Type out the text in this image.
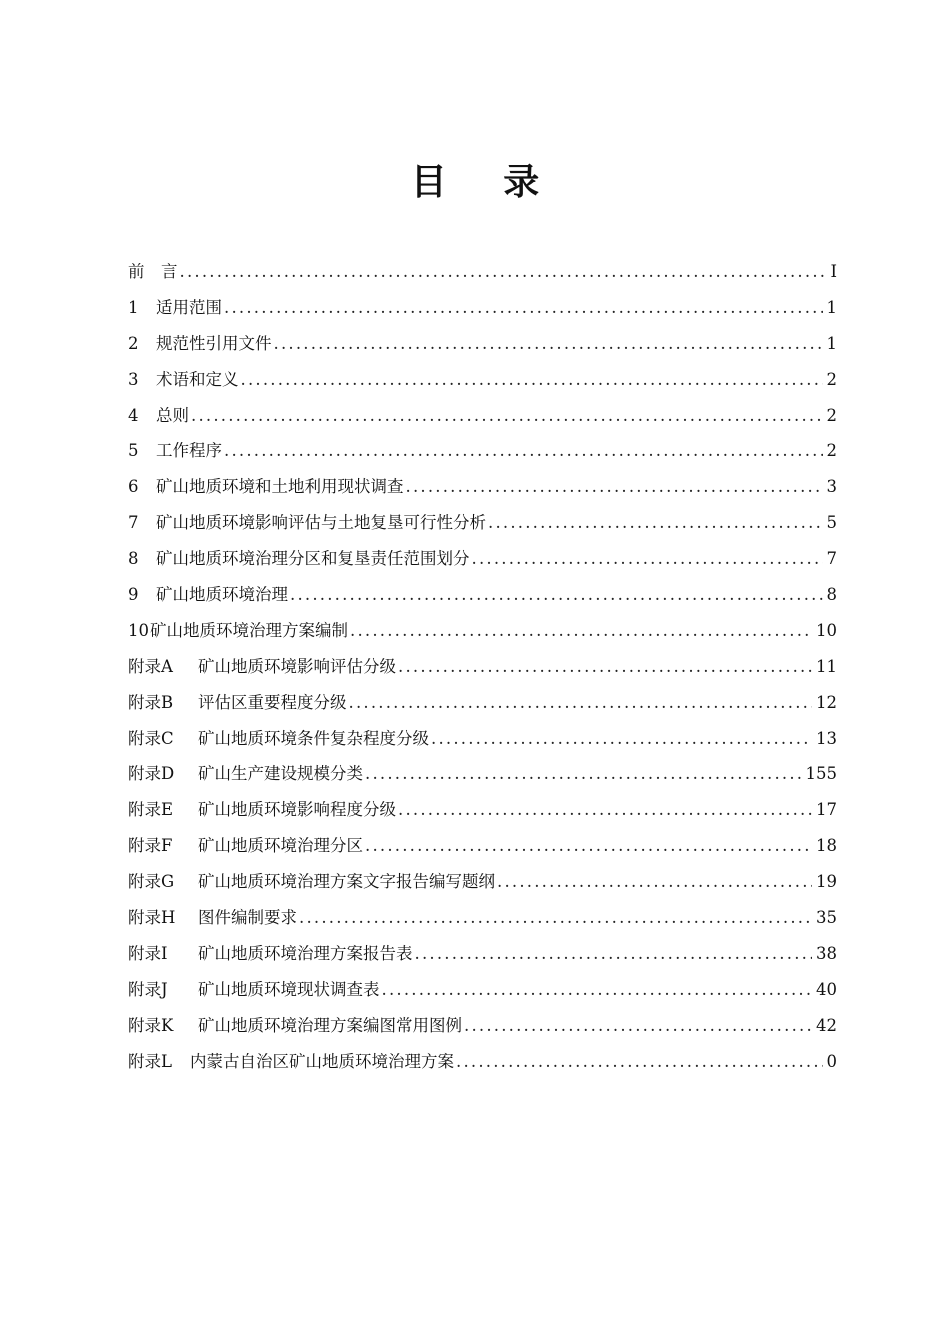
目 录
前　言 .....	I
1	适用范围 .....	1
2	规范性引用文件 .....	1
3	术语和定义 .....	2
4	总则 .....	2
5	工作程序 .....	2
6	矿山地质环境和土地利用现状调查 .....	3
7	矿山地质环境影响评估与土地复垦可行性分析 .....	5
8	矿山地质环境治理分区和复垦责任范围划分 .....	7
9	矿山地质环境治理 .....	8
10 矿山地质环境治理方案编制 .....	10
附录A	矿山地质环境影响评估分级 .....	11
附录B	评估区重要程度分级 .....	12
附录C	矿山地质环境条件复杂程度分级 .....	13
附录D	矿山生产建设规模分类 .....	155
附录E	矿山地质环境影响程度分级 .....	17
附录F	矿山地质环境治理分区 .....	18
附录G	矿山地质环境治理方案文字报告编写题纲 .....	19
附录H	图件编制要求 .....	35
附录I	矿山地质环境治理方案报告表 .....	38
附录J	矿山地质环境现状调查表 .....	40
附录K	矿山地质环境治理方案编图常用图例 .....	42
附录L	内蒙古自治区矿山地质环境治理方案 .....	0
